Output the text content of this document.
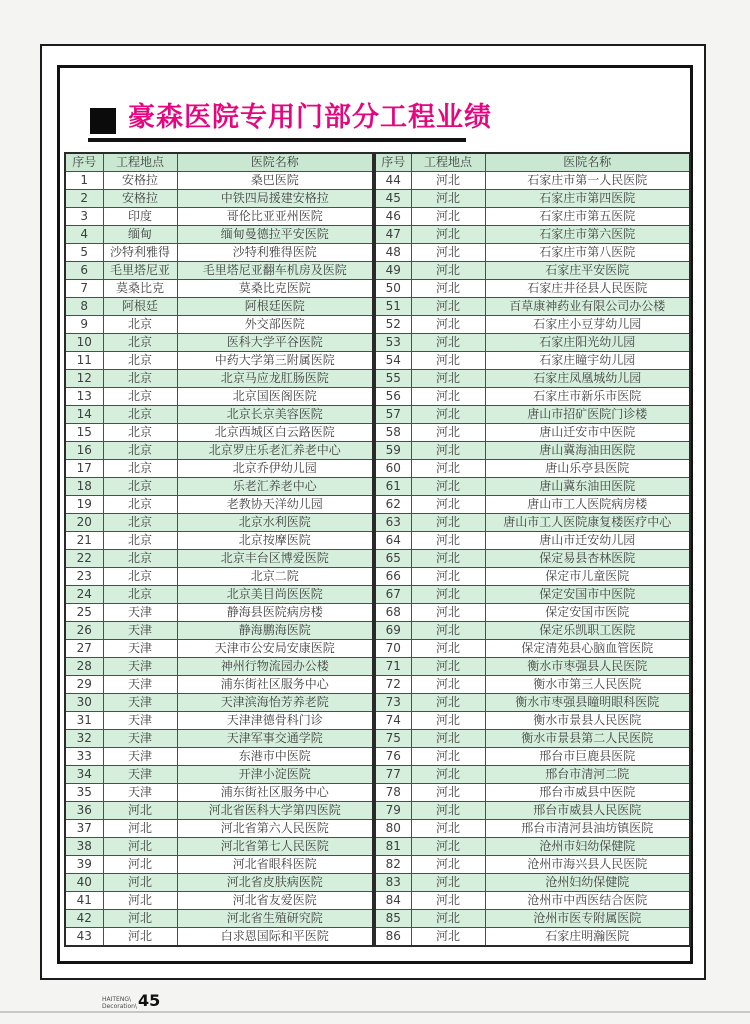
豪森医院专用门部分工程业绩
序号	工程地点	医院名称
1	安格拉	桑巴医院
2	安格拉	中铁四局援建安格拉
3	印度	哥伦比亚亚州医院
4	缅甸	缅甸曼德拉平安医院
5	沙特利雅得	沙特利雅得医院
6	毛里塔尼亚	毛里塔尼亚翻车机房及医院
7	莫桑比克	莫桑比克医院
8	阿根廷	阿根廷医院
9	北京	外交部医院
10	北京	医科大学平谷医院
11	北京	中药大学第三附属医院
12	北京	北京马应龙肛肠医院
13	北京	北京国医阁医院
14	北京	北京长京美容医院
15	北京	北京西城区白云路医院
16	北京	北京罗庄乐老汇养老中心
17	北京	北京乔伊幼儿园
18	北京	乐老汇养老中心
19	北京	老教协天洋幼儿园
20	北京	北京水利医院
21	北京	北京按摩医院
22	北京	北京丰台区博爱医院
23	北京	北京二院
24	北京	北京美目尚医医院
25	天津	静海县医院病房楼
26	天津	静海鹏海医院
27	天津	天津市公安局安康医院
28	天津	神州行物流园办公楼
29	天津	浦东街社区服务中心
30	天津	天津滨海怡芳养老院
31	天津	天津津德骨科门诊
32	天津	天津军事交通学院
33	天津	东港市中医院
34	天津	开津小淀医院
35	天津	浦东街社区服务中心
36	河北	河北省医科大学第四医院
37	河北	河北省第六人民医院
38	河北	河北省第七人民医院
39	河北	河北省眼科医院
40	河北	河北省皮肤病医院
41	河北	河北省友爱医院
42	河北	河北省生殖研究院
43	河北	白求恩国际和平医院
序号	工程地点	医院名称
44	河北	石家庄市第一人民医院
45	河北	石家庄市第四医院
46	河北	石家庄市第五医院
47	河北	石家庄市第六医院
48	河北	石家庄市第八医院
49	河北	石家庄平安医院
50	河北	石家庄井径县人民医院
51	河北	百草康神药业有限公司办公楼
52	河北	石家庄小豆芽幼儿园
53	河北	石家庄阳光幼儿园
54	河北	石家庄瞳宇幼儿园
55	河北	石家庄凤凰城幼儿园
56	河北	石家庄市新乐市医院
57	河北	唐山市招矿医院门诊楼
58	河北	唐山迁安市中医院
59	河北	唐山冀海油田医院
60	河北	唐山乐亭县医院
61	河北	唐山冀东油田医院
62	河北	唐山市工人医院病房楼
63	河北	唐山市工人医院康复楼医疗中心
64	河北	唐山市迁安幼儿园
65	河北	保定易县杏林医院
66	河北	保定市儿童医院
67	河北	保定安国市中医院
68	河北	保定安国市医院
69	河北	保定乐凯职工医院
70	河北	保定清苑县心脑血管医院
71	河北	衡水市枣强县人民医院
72	河北	衡水市第三人民医院
73	河北	衡水市枣强县瞳明眼科医院
74	河北	衡水市景县人民医院
75	河北	衡水市景县第二人民医院
76	河北	邢台市巨鹿县医院
77	河北	邢台市清河二院
78	河北	邢台市威县中医院
79	河北	邢台市威县人民医院
80	河北	邢台市清河县油坊镇医院
81	河北	沧州市妇幼保健院
82	河北	沧州市海兴县人民医院
83	河北	沧州妇幼保健院
84	河北	沧州市中西医结合医院
85	河北	沧州市医专附属医院
86	河北	石家庄明瀚医院
HAITENG\
Decoration\ 45
